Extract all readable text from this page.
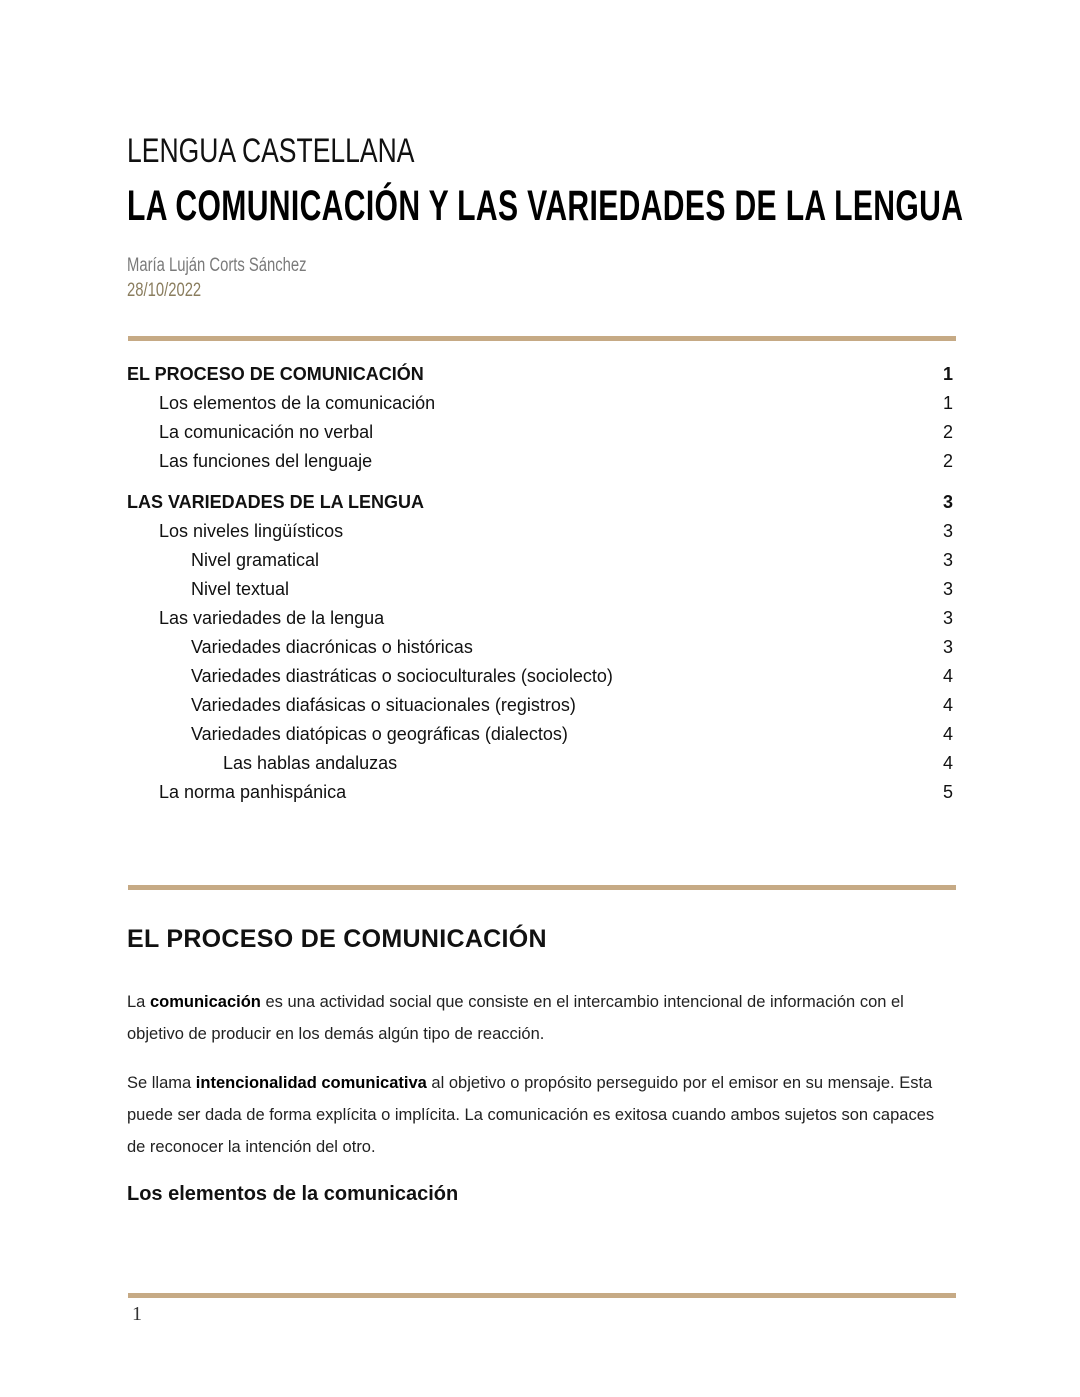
LENGUA CASTELLANA
LA COMUNICACIÓN Y LAS VARIEDADES DE LA LENGUA
María Luján Corts Sánchez
28/10/2022
EL PROCESO DE COMUNICACIÓN	1
Los elementos de la comunicación	1
La comunicación no verbal	2
Las funciones del lenguaje	2
LAS VARIEDADES DE LA LENGUA	3
Los niveles lingüísticos	3
Nivel gramatical	3
Nivel textual	3
Las variedades de la lengua	3
Variedades diacrónicas o históricas	3
Variedades diastráticas o socioculturales (sociolecto)	4
Variedades diafásicas o situacionales (registros)	4
Variedades diatópicas o geográficas (dialectos)	4
Las hablas andaluzas	4
La norma panhispánica	5
EL PROCESO DE COMUNICACIÓN
La comunicación es una actividad social que consiste en el intercambio intencional de información con el objetivo de producir en los demás algún tipo de reacción.
Se llama intencionalidad comunicativa al objetivo o propósito perseguido por el emisor en su mensaje. Esta puede ser dada de forma explícita o implícita. La comunicación es exitosa cuando ambos sujetos son capaces de reconocer la intención del otro.
Los elementos de la comunicación
1
